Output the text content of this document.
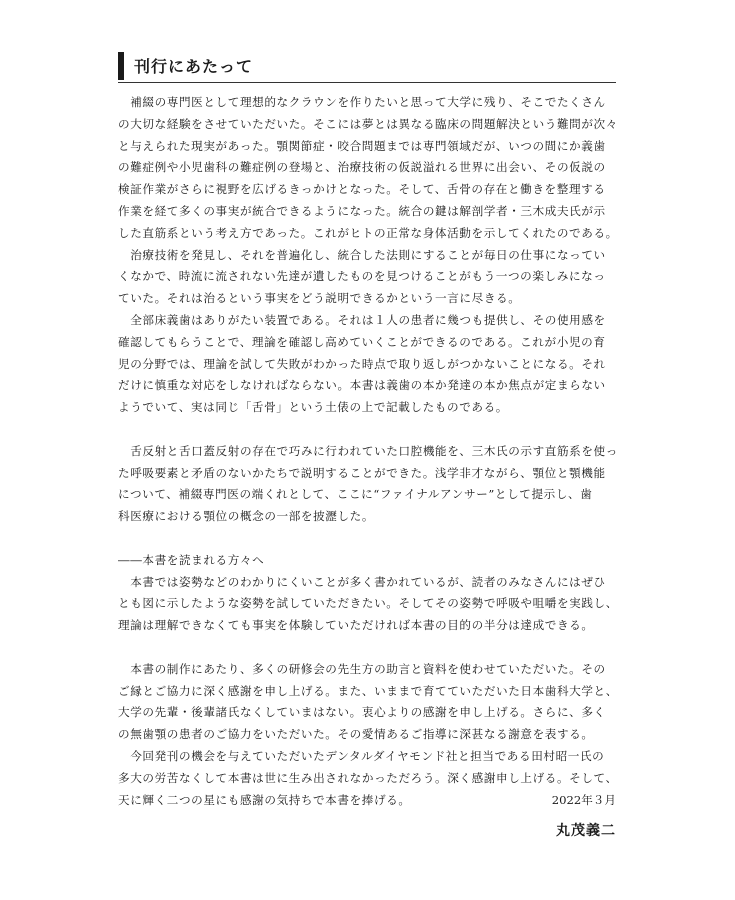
刊行にあたって
　補綴の専門医として理想的なクラウンを作りたいと思って大学に残り、そこでたくさん
の大切な経験をさせていただいた。そこには夢とは異なる臨床の問題解決という難問が次々
と与えられた現実があった。顎関節症・咬合問題までは専門領域だが、いつの間にか義歯
の難症例や小児歯科の難症例の登場と、治療技術の仮説溢れる世界に出会い、その仮説の
検証作業がさらに視野を広げるきっかけとなった。そして、舌骨の存在と働きを整理する
作業を経て多くの事実が統合できるようになった。統合の鍵は解剖学者・三木成夫氏が示
した直筋系という考え方であった。これがヒトの正常な身体活動を示してくれたのである。
　治療技術を発見し、それを普遍化し、統合した法則にすることが毎日の仕事になってい
くなかで、時流に流されない先達が遺したものを見つけることがもう一つの楽しみになっ
ていた。それは治るという事実をどう説明できるかという一言に尽きる。
　全部床義歯はありがたい装置である。それは１人の患者に幾つも提供し、その使用感を
確認してもらうことで、理論を確認し高めていくことができるのである。これが小児の育
児の分野では、理論を試して失敗がわかった時点で取り返しがつかないことになる。それ
だけに慎重な対応をしなければならない。本書は義歯の本か発達の本か焦点が定まらない
ようでいて、実は同じ「舌骨」という土俵の上で記載したものである。
　舌反射と舌口蓋反射の存在で巧みに行われていた口腔機能を、三木氏の示す直筋系を使っ
た呼吸要素と矛盾のないかたちで説明することができた。浅学非才ながら、顎位と顎機能
について、補綴専門医の端くれとして、ここに“ファイナルアンサー”として提示し、歯
科医療における顎位の概念の一部を披瀝した。
――本書を読まれる方々へ
　本書では姿勢などのわかりにくいことが多く書かれているが、読者のみなさんにはぜひ
とも図に示したような姿勢を試していただきたい。そしてその姿勢で呼吸や咀嚼を実践し、
理論は理解できなくても事実を体験していただければ本書の目的の半分は達成できる。
　本書の制作にあたり、多くの研修会の先生方の助言と資料を使わせていただいた。その
ご縁とご協力に深く感謝を申し上げる。また、いままで育てていただいた日本歯科大学と、
大学の先輩・後輩諸氏なくしていまはない。衷心よりの感謝を申し上げる。さらに、多く
の無歯顎の患者のご協力をいただいた。その愛情あるご指導に深甚なる謝意を表する。
　今回発刊の機会を与えていただいたデンタルダイヤモンド社と担当である田村昭一氏の
多大の労苦なくして本書は世に生み出されなかっただろう。深く感謝申し上げる。そして、
天に輝く二つの星にも感謝の気持ちで本書を捧げる。	2022年３月
丸茂義二
